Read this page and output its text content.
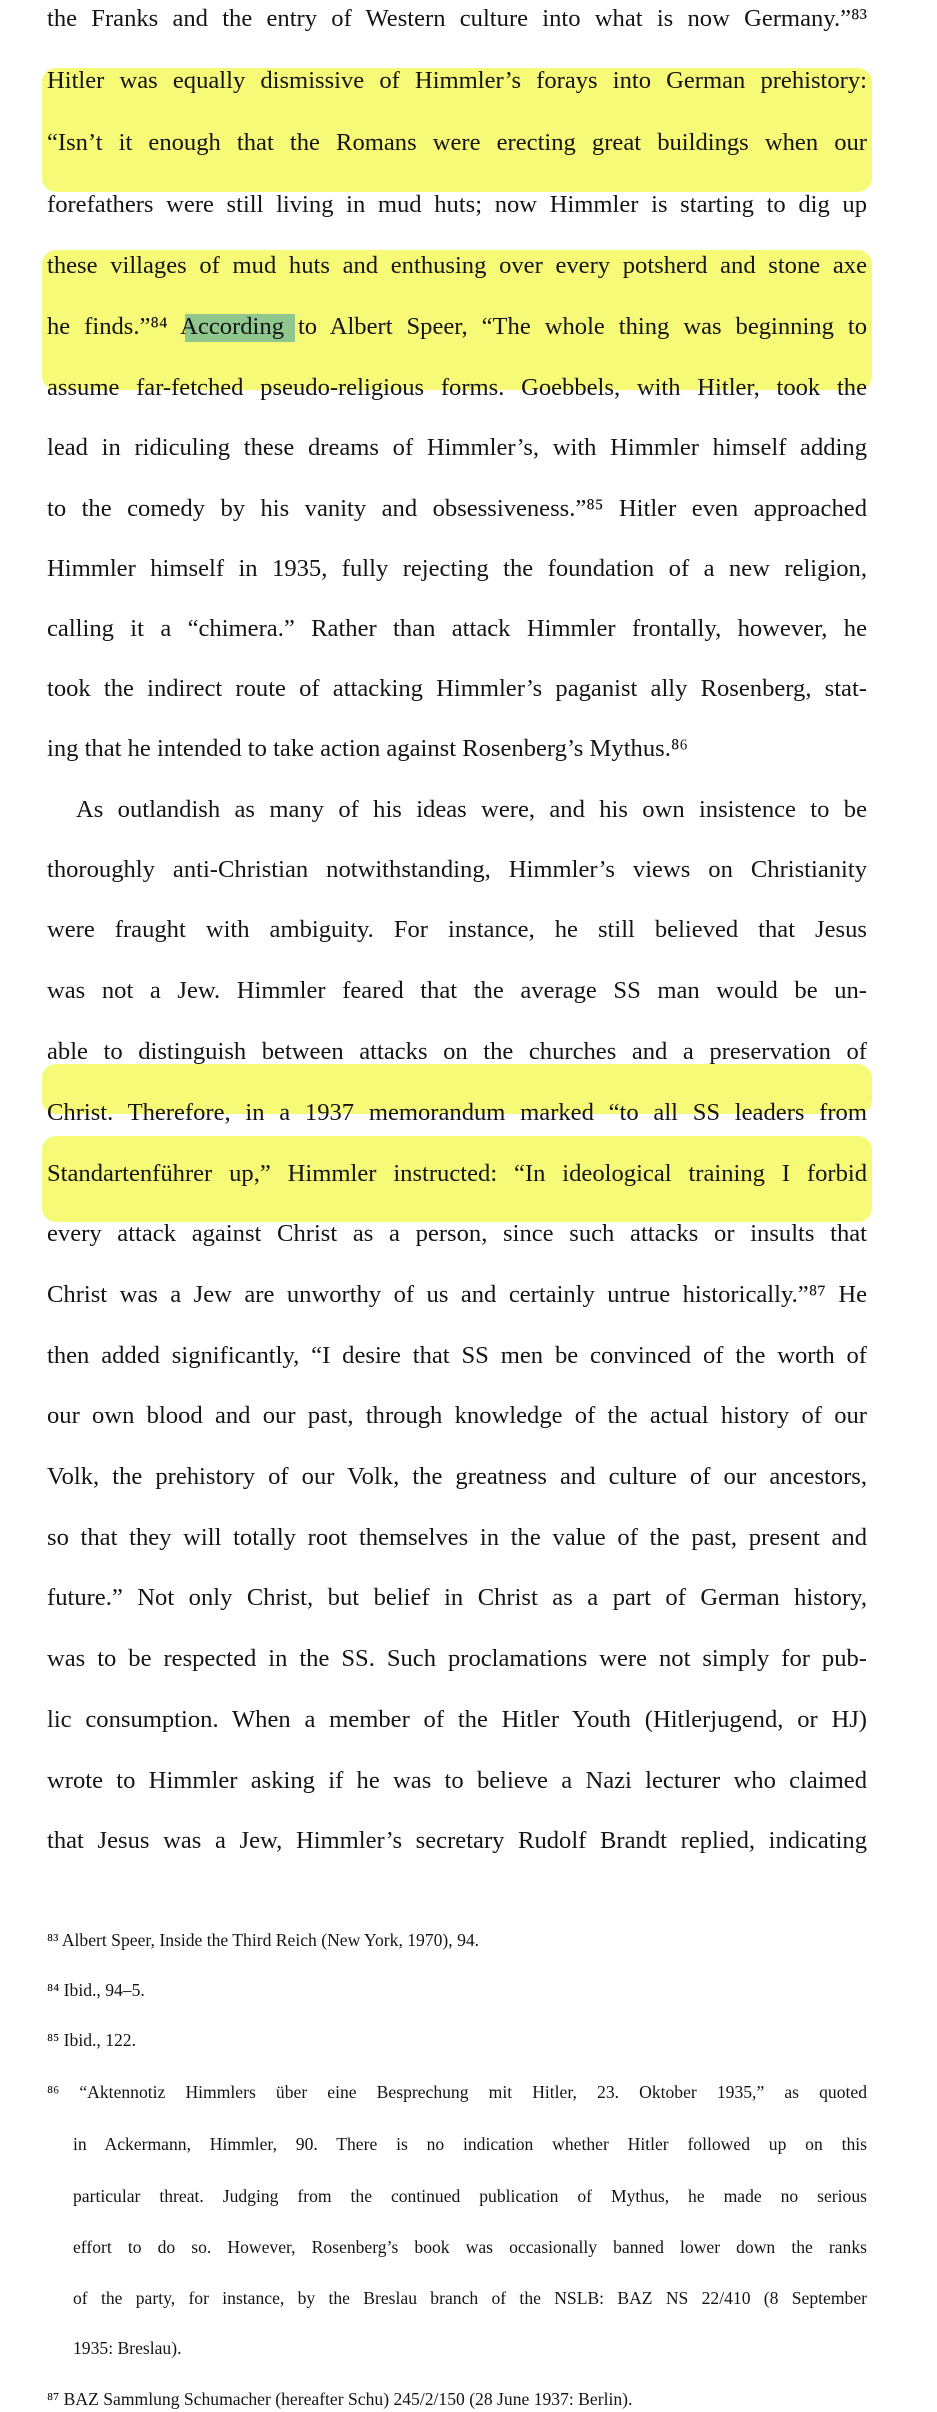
the Franks and the entry of Western culture into what is now Germany.”⁸³
Hitler was equally dismissive of Himmler’s forays into German prehistory:
“Isn’t it enough that the Romans were erecting great buildings when our
forefathers were still living in mud huts; now Himmler is starting to dig up
these villages of mud huts and enthusing over every potsherd and stone axe
he finds.”⁸⁴ According to Albert Speer, “The whole thing was beginning to
assume far-fetched pseudo-religious forms. Goebbels, with Hitler, took the
lead in ridiculing these dreams of Himmler’s, with Himmler himself adding
to the comedy by his vanity and obsessiveness.”⁸⁵ Hitler even approached
Himmler himself in 1935, fully rejecting the foundation of a new religion,
calling it a “chimera.” Rather than attack Himmler frontally, however, he
took the indirect route of attacking Himmler’s paganist ally Rosenberg, stat-
ing that he intended to take action against Rosenberg’s Mythus.⁸⁶
As outlandish as many of his ideas were, and his own insistence to be
thoroughly anti-Christian notwithstanding, Himmler’s views on Christianity
were fraught with ambiguity. For instance, he still believed that Jesus
was not a Jew. Himmler feared that the average SS man would be un-
able to distinguish between attacks on the churches and a preservation of
Christ. Therefore, in a 1937 memorandum marked “to all SS leaders from
Standartenführer up,” Himmler instructed: “In ideological training I forbid
every attack against Christ as a person, since such attacks or insults that
Christ was a Jew are unworthy of us and certainly untrue historically.”⁸⁷ He
then added significantly, “I desire that SS men be convinced of the worth of
our own blood and our past, through knowledge of the actual history of our
Volk, the prehistory of our Volk, the greatness and culture of our ancestors,
so that they will totally root themselves in the value of the past, present and
future.” Not only Christ, but belief in Christ as a part of German history,
was to be respected in the SS. Such proclamations were not simply for pub-
lic consumption. When a member of the Hitler Youth (Hitlerjugend, or HJ)
wrote to Himmler asking if he was to believe a Nazi lecturer who claimed
that Jesus was a Jew, Himmler’s secretary Rudolf Brandt replied, indicating
⁸³ Albert Speer, Inside the Third Reich (New York, 1970), 94.
⁸⁴ Ibid., 94–5.
⁸⁵ Ibid., 122.
⁸⁶ “Aktennotiz Himmlers über eine Besprechung mit Hitler, 23. Oktober 1935,” as quoted
in Ackermann, Himmler, 90. There is no indication whether Hitler followed up on this
particular threat. Judging from the continued publication of Mythus, he made no serious
effort to do so. However, Rosenberg’s book was occasionally banned lower down the ranks
of the party, for instance, by the Breslau branch of the NSLB: BAZ NS 22/410 (8 September
1935: Breslau).
⁸⁷ BAZ Sammlung Schumacher (hereafter Schu) 245/2/150 (28 June 1937: Berlin).
